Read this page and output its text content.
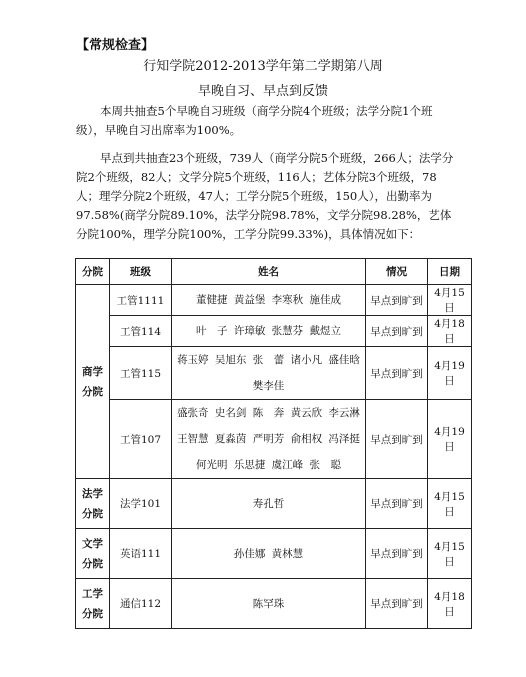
【常规检查】
行知学院2012-2013学年第二学期第八周
早晚自习、早点到反馈
本周共抽查5个早晚自习班级（商学分院4个班级；法学分院1个班级），早晚自习出席率为100%。
早点到共抽查23个班级，739人（商学分院5个班级，266人；法学分院2个班级，82人；文学分院5个班级，116人；艺体分院3个班级，78人；理学分院2个班级，47人；工学分院5个班级，150人），出勤率为97.58%(商学分院89.10%，法学分院98.78%，文学分院98.28%，艺体分院100%，理学分院100%，工学分院99.33%)，具体情况如下：
分院	班级	姓名	情况	日期

商学
分院	工管1111	董健捷 黄益堡 李寒秋 施佳成	早点到旷到	4月15日
	工管114	叶　子 许璋敏 张慧芬 戴煜立	早点到旷到	4月18日
	工管115	蒋玉婷 吴旭东 张　蕾 诸小凡 盛佳晗
樊李佳	早点到旷到	4月19日
	工管107	盛张奇 史名剑 陈　奔 黄云欣 李云淋
王智慧 夏淼茵 严明芳 俞相权 冯泽挺
何光明 乐思捷 虞江峰 张　聪	早点到旷到	4月19日

法学
分院	法学101	寿孔哲	早点到旷到	4月15日

文学
分院	英语111	孙佳娜 黄林慧	早点到旷到	4月15日

工学
分院	通信112	陈罕珠	早点到旷到	4月18日
